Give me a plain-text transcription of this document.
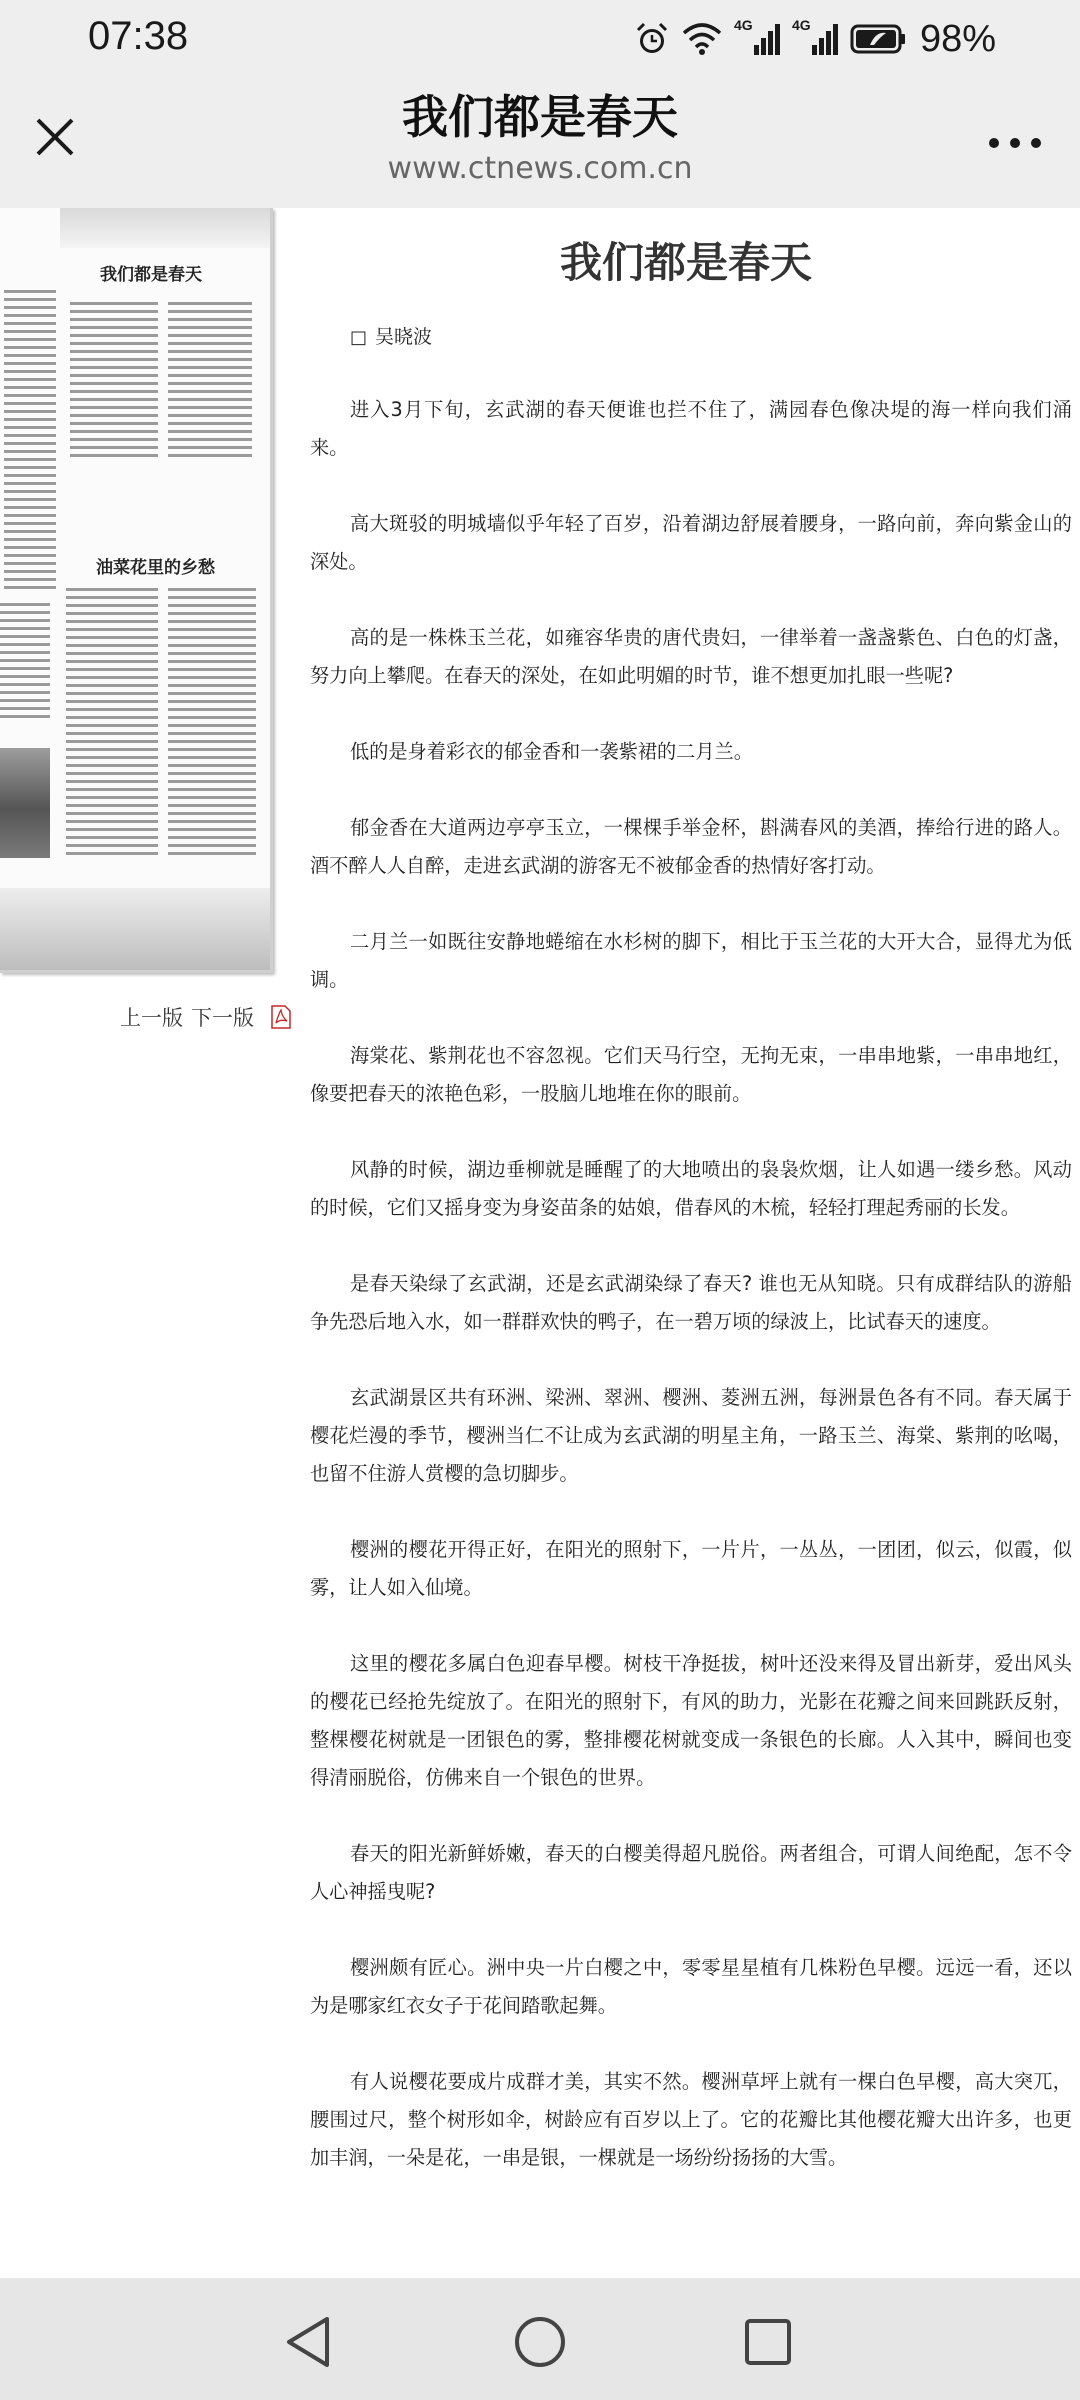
07:38	4G	4G	98%
我们都是春天
www.ctnews.com.cn
我们都是春天
油菜花里的乡愁
上一版 下一版
我们都是春天
□ 吴晓波

进入3月下旬，玄武湖的春天便谁也拦不住了，满园春色像决堤的海一样向我们涌来。

高大斑驳的明城墙似乎年轻了百岁，沿着湖边舒展着腰身，一路向前，奔向紫金山的深处。

高的是一株株玉兰花，如雍容华贵的唐代贵妇，一律举着一盏盏紫色、白色的灯盏，努力向上攀爬。在春天的深处，在如此明媚的时节，谁不想更加扎眼一些呢?

低的是身着彩衣的郁金香和一袭紫裙的二月兰。

郁金香在大道两边亭亭玉立，一棵棵手举金杯，斟满春风的美酒，捧给行进的路人。酒不醉人人自醉，走进玄武湖的游客无不被郁金香的热情好客打动。

二月兰一如既往安静地蜷缩在水杉树的脚下，相比于玉兰花的大开大合，显得尤为低调。

海棠花、紫荆花也不容忽视。它们天马行空，无拘无束，一串串地紫，一串串地红，像要把春天的浓艳色彩，一股脑儿地堆在你的眼前。

风静的时候，湖边垂柳就是睡醒了的大地喷出的袅袅炊烟，让人如遇一缕乡愁。风动的时候，它们又摇身变为身姿苗条的姑娘，借春风的木梳，轻轻打理起秀丽的长发。

是春天染绿了玄武湖，还是玄武湖染绿了春天? 谁也无从知晓。只有成群结队的游船争先恐后地入水，如一群群欢快的鸭子，在一碧万顷的绿波上，比试春天的速度。

玄武湖景区共有环洲、梁洲、翠洲、樱洲、菱洲五洲，每洲景色各有不同。春天属于樱花烂漫的季节，樱洲当仁不让成为玄武湖的明星主角，一路玉兰、海棠、紫荆的吆喝，也留不住游人赏樱的急切脚步。

樱洲的樱花开得正好，在阳光的照射下，一片片，一丛丛，一团团，似云，似霞，似雾，让人如入仙境。

这里的樱花多属白色迎春早樱。树枝干净挺拔，树叶还没来得及冒出新芽，爱出风头的樱花已经抢先绽放了。在阳光的照射下，有风的助力，光影在花瓣之间来回跳跃反射，整棵樱花树就是一团银色的雾，整排樱花树就变成一条银色的长廊。人入其中，瞬间也变得清丽脱俗，仿佛来自一个银色的世界。

春天的阳光新鲜娇嫩，春天的白樱美得超凡脱俗。两者组合，可谓人间绝配，怎不令人心神摇曳呢?

樱洲颇有匠心。洲中央一片白樱之中，零零星星植有几株粉色早樱。远远一看，还以为是哪家红衣女子于花间踏歌起舞。

有人说樱花要成片成群才美，其实不然。樱洲草坪上就有一棵白色早樱，高大突兀，腰围过尺，整个树形如伞，树龄应有百岁以上了。它的花瓣比其他樱花瓣大出许多，也更加丰润，一朵是花，一串是银，一棵就是一场纷纷扬扬的大雪。
